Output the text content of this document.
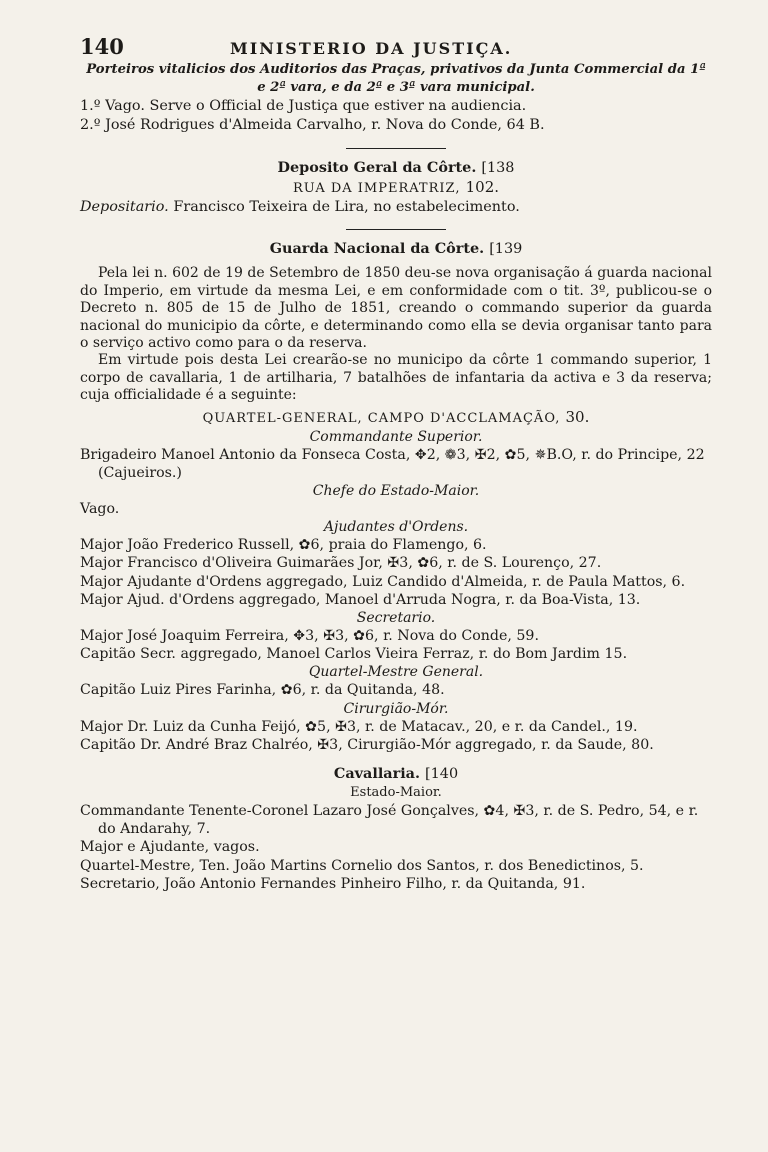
140	MINISTERIO DA JUSTIÇA.
Porteiros vitalicios dos Auditorios das Praças, privativos da Junta Commercial da 1ª e 2ª vara, e da 2ª e 3ª vara municipal.
1.º Vago. Serve o Official de Justiça que estiver na audiencia.
2.º José Rodrigues d'Almeida Carvalho, r. Nova do Conde, 64 B.
Deposito Geral da Côrte. [138
RUA DA IMPERATRIZ, 102.
Depositario. Francisco Teixeira de Lira, no estabelecimento.
Guarda Nacional da Côrte. [139
Pela lei n. 602 de 19 de Setembro de 1850 deu-se nova organisação á guarda nacional do Imperio, em virtude da mesma Lei, e em conformidade com o tit. 3º, publicou-se o Decreto n. 805 de 15 de Julho de 1851, creando o commando superior da guarda nacional do municipio da côrte, e determinando como ella se devia organisar tanto para o serviço activo como para o da reserva.
Em virtude pois desta Lei crearão-se no municipo da côrte 1 commando superior, 1 corpo de cavallaria, 1 de artilharia, 7 batalhões de infantaria da activa e 3 da reserva; cuja officialidade é a seguinte:
QUARTEL-GENERAL, CAMPO D'ACCLAMAÇÃO, 30.
Commandante Superior.
Brigadeiro Manoel Antonio da Fonseca Costa, ✥2, ❁3, ✠2, ✿5, ✵B.O, r. do Principe, 22 (Cajueiros.)
Chefe do Estado-Maior.
Vago.
Ajudantes d'Ordens.
Major João Frederico Russell, ✿6, praia do Flamengo, 6.
Major Francisco d'Oliveira Guimarães Jor, ✠3, ✿6, r. de S. Lourenço, 27.
Major Ajudante d'Ordens aggregado, Luiz Candido d'Almeida, r. de Paula Mattos, 6.
Major Ajud. d'Ordens aggregado, Manoel d'Arruda Nogra, r. da Boa-Vista, 13.
Secretario.
Major José Joaquim Ferreira, ✥3, ✠3, ✿6, r. Nova do Conde, 59.
Capitão Secr. aggregado, Manoel Carlos Vieira Ferraz, r. do Bom Jardim 15.
Quartel-Mestre General.
Capitão Luiz Pires Farinha, ✿6, r. da Quitanda, 48.
Cirurgião-Mór.
Major Dr. Luiz da Cunha Feijó, ✿5, ✠3, r. de Matacav., 20, e r. da Candel., 19.
Capitão Dr. André Braz Chalréo, ✠3, Cirurgião-Mór aggregado, r. da Saude, 80.
Cavallaria. [140
Estado-Maior.
Commandante Tenente-Coronel Lazaro José Gonçalves, ✿4, ✠3, r. de S. Pedro, 54, e r. do Andarahy, 7.
Major e Ajudante, vagos.
Quartel-Mestre, Ten. João Martins Cornelio dos Santos, r. dos Benedictinos, 5.
Secretario, João Antonio Fernandes Pinheiro Filho, r. da Quitanda, 91.
